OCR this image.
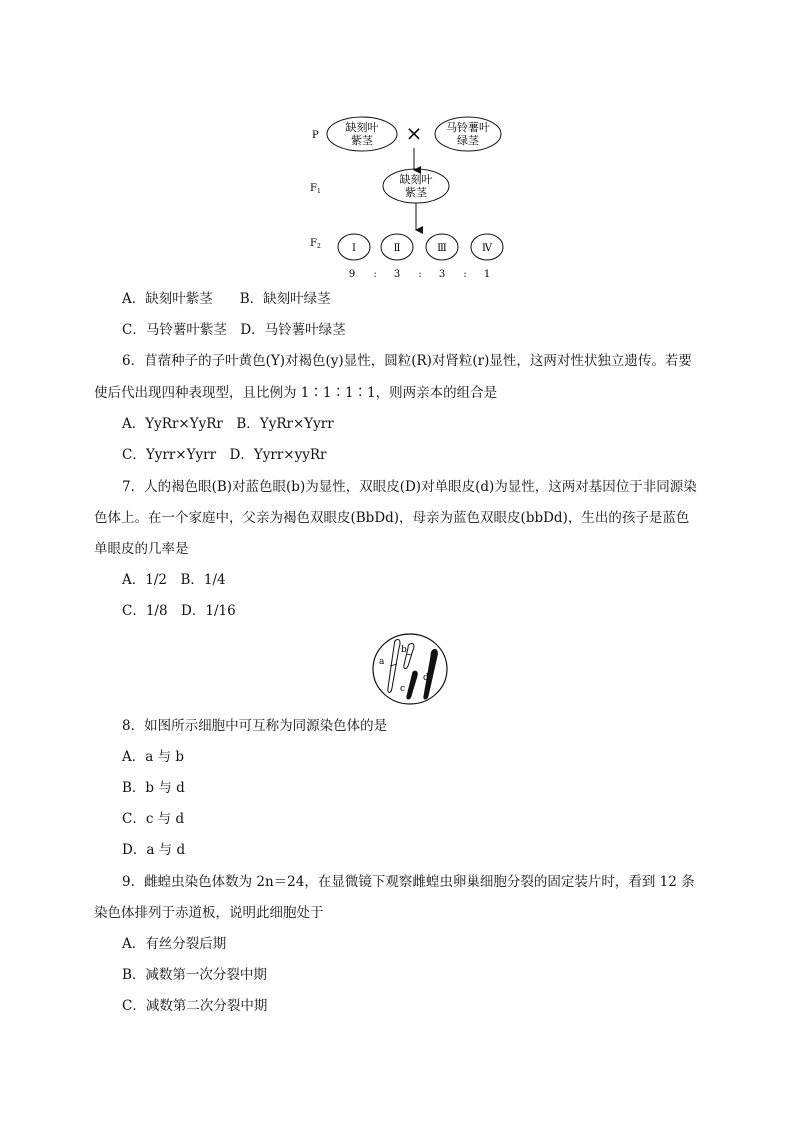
P
$F_1$
$F_2$
缺刻叶
紫茎 × 马铃薯叶
绿茎
缺刻叶
紫茎
Ⅰ	Ⅱ	Ⅲ	Ⅳ
9 : 3 : 3 : 1
A．缺刻叶紫茎　　B．缺刻叶绿茎
C．马铃薯叶紫茎　D．马铃薯叶绿茎
6．苜蓿种子的子叶黄色(Y)对褐色(y)显性，圆粒(R)对肾粒(r)显性，这两对性状独立遗传。若要
使后代出现四种表现型，且比例为 1∶1∶1∶1，则两亲本的组合是
A．YyRr×YyRr　B．YyRr×Yyrr
C．Yyrr×Yyrr　D．Yyrr×yyRr
7．人的褐色眼(B)对蓝色眼(b)为显性，双眼皮(D)对单眼皮(d)为显性，这两对基因位于非同源染
色体上。在一个家庭中，父亲为褐色双眼皮(BbDd)，母亲为蓝色双眼皮(bbDd)，生出的孩子是蓝色
单眼皮的几率是
A．1/2　B．1/4
C．1/8　D．1/16
a
b
c
d
8．如图所示细胞中可互称为同源染色体的是
A．a 与 b
B．b 与 d
C．c 与 d
D．a 与 d
9．雌蝗虫染色体数为 2n＝24，在显微镜下观察雌蝗虫卵巢细胞分裂的固定装片时，看到 12 条
染色体排列于赤道板，说明此细胞处于
A．有丝分裂后期
B．减数第一次分裂中期
C．减数第二次分裂中期
